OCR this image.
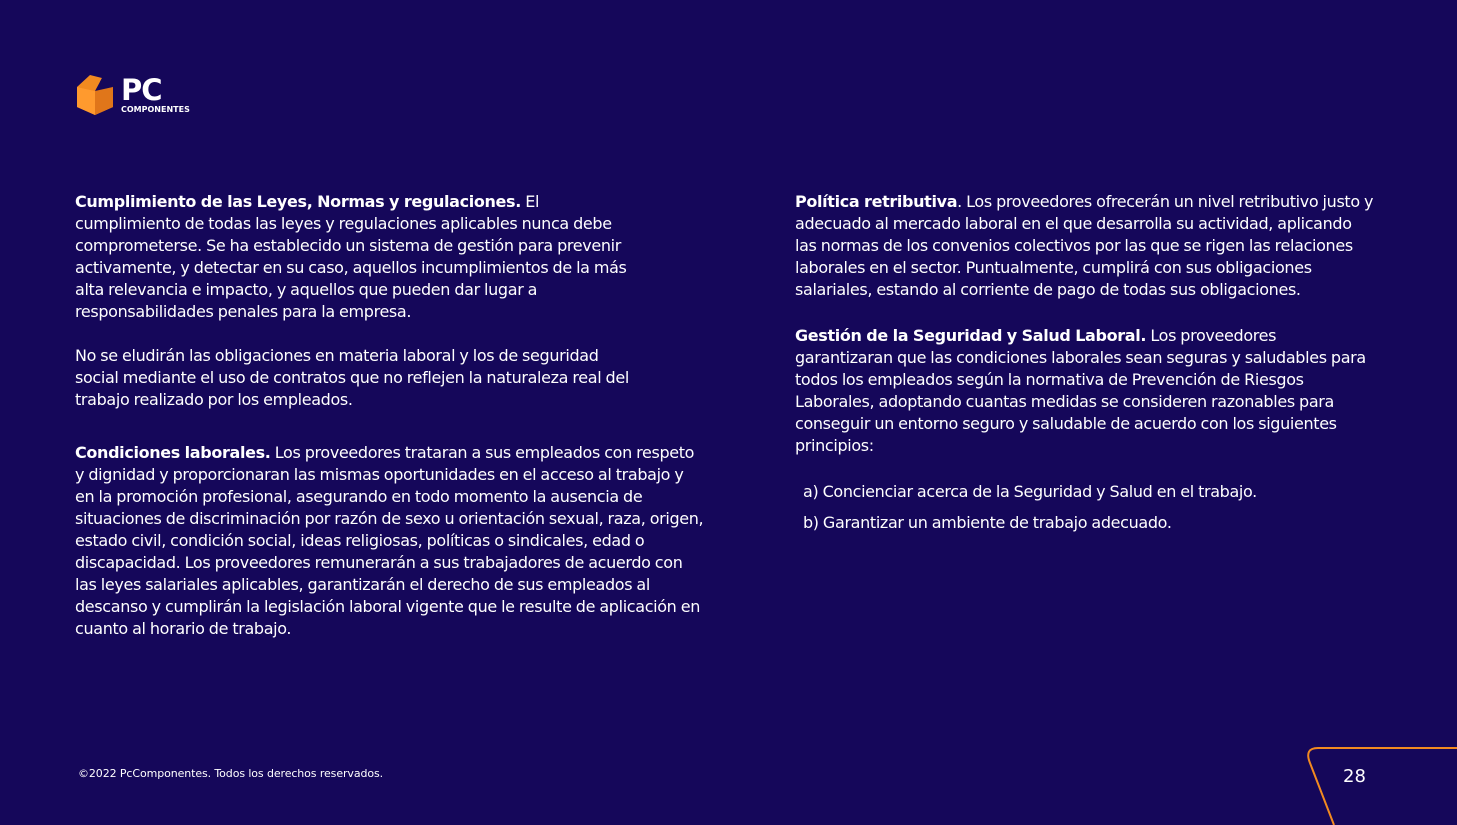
PC
COMPONENTES

Cumplimiento de las Leyes, Normas y regulaciones. El cumplimiento de todas las leyes y regulaciones aplicables nunca debe comprometerse. Se ha establecido un sistema de gestión para prevenir activamente, y detectar en su caso, aquellos incumplimientos de la más alta relevancia e impacto, y aquellos que pueden dar lugar a responsabilidades penales para la empresa.

No se eludirán las obligaciones en materia laboral y los de seguridad social mediante el uso de contratos que no reflejen la naturaleza real del trabajo realizado por los empleados.

Condiciones laborales. Los proveedores trataran a sus empleados con respeto y dignidad y proporcionaran las mismas oportunidades en el acceso al trabajo y en la promoción profesional, asegurando en todo momento la ausencia de situaciones de discriminación por razón de sexo u orientación sexual, raza, origen, estado civil, condición social, ideas religiosas, políticas o sindicales, edad o discapacidad. Los proveedores remunerarán a sus trabajadores de acuerdo con las leyes salariales aplicables, garantizarán el derecho de sus empleados al descanso y cumplirán la legislación laboral vigente que le resulte de aplicación en cuanto al horario de trabajo.

Política retributiva. Los proveedores ofrecerán un nivel retributivo justo y adecuado al mercado laboral en el que desarrolla su actividad, aplicando las normas de los convenios colectivos por las que se rigen las relaciones laborales en el sector. Puntualmente, cumplirá con sus obligaciones salariales, estando al corriente de pago de todas sus obligaciones.

Gestión de la Seguridad y Salud Laboral. Los proveedores garantizaran que las condiciones laborales sean seguras y saludables para todos los empleados según la normativa de Prevención de Riesgos Laborales, adoptando cuantas medidas se consideren razonables para conseguir un entorno seguro y saludable de acuerdo con los siguientes principios:

a) Concienciar acerca de la Seguridad y Salud en el trabajo.
b) Garantizar un ambiente de trabajo adecuado.
©2022 PcComponentes. Todos los derechos reservados.	28
